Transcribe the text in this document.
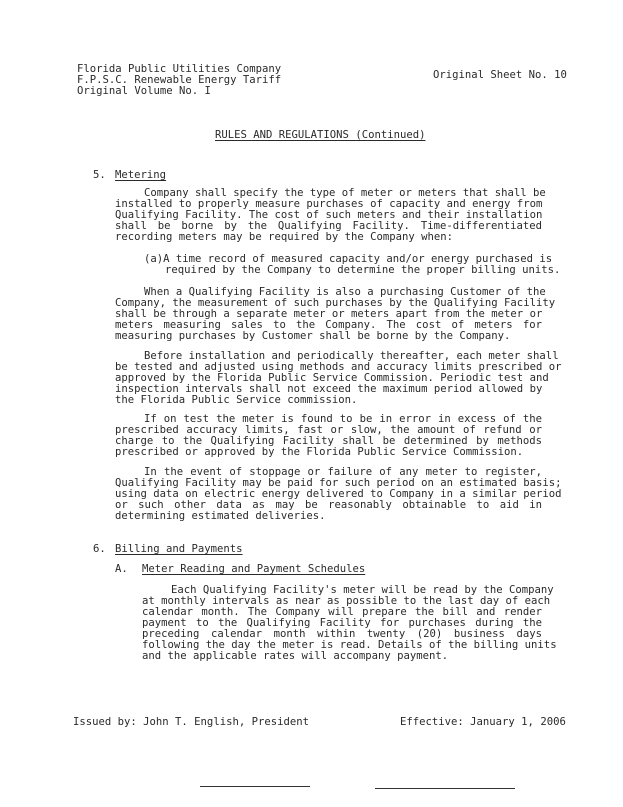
Florida Public Utilities Company
F.P.S.C. Renewable Energy Tariff
Original Volume No. I
Original Sheet No. 10
RULES AND REGULATIONS (Continued)
5. Metering
Company shall specify the type of meter or meters that shall be
installed to properly measure purchases of capacity and energy from
Qualifying Facility. The cost of such meters and their installation
shall be borne by the Qualifying Facility. Time-differentiated
recording meters may be required by the Company when:
(a)A time record of measured capacity and/or energy purchased is
required by the Company to determine the proper billing units.
When a Qualifying Facility is also a purchasing Customer of the
Company, the measurement of such purchases by the Qualifying Facility
shall be through a separate meter or meters apart from the meter or
meters measuring sales to the Company. The cost of meters for
measuring purchases by Customer shall be borne by the Company.
Before installation and periodically thereafter, each meter shall
be tested and adjusted using methods and accuracy limits prescribed or
approved by the Florida Public Service Commission. Periodic test and
inspection intervals shall not exceed the maximum period allowed by
the Florida Public Service commission.
If on test the meter is found to be in error in excess of the
prescribed accuracy limits, fast or slow, the amount of refund or
charge to the Qualifying Facility shall be determined by methods
prescribed or approved by the Florida Public Service Commission.
In the event of stoppage or failure of any meter to register,
Qualifying Facility may be paid for such period on an estimated basis;
using data on electric energy delivered to Company in a similar period
or such other data as may be reasonably obtainable to aid in
determining estimated deliveries.
6. Billing and Payments
A. Meter Reading and Payment Schedules
Each Qualifying Facility's meter will be read by the Company
at monthly intervals as near as possible to the last day of each
calendar month. The Company will prepare the bill and render
payment to the Qualifying Facility for purchases during the
preceding calendar month within twenty (20) business days
following the day the meter is read. Details of the billing units
and the applicable rates will accompany payment.
Issued by: John T. English, President	Effective: January 1, 2006
